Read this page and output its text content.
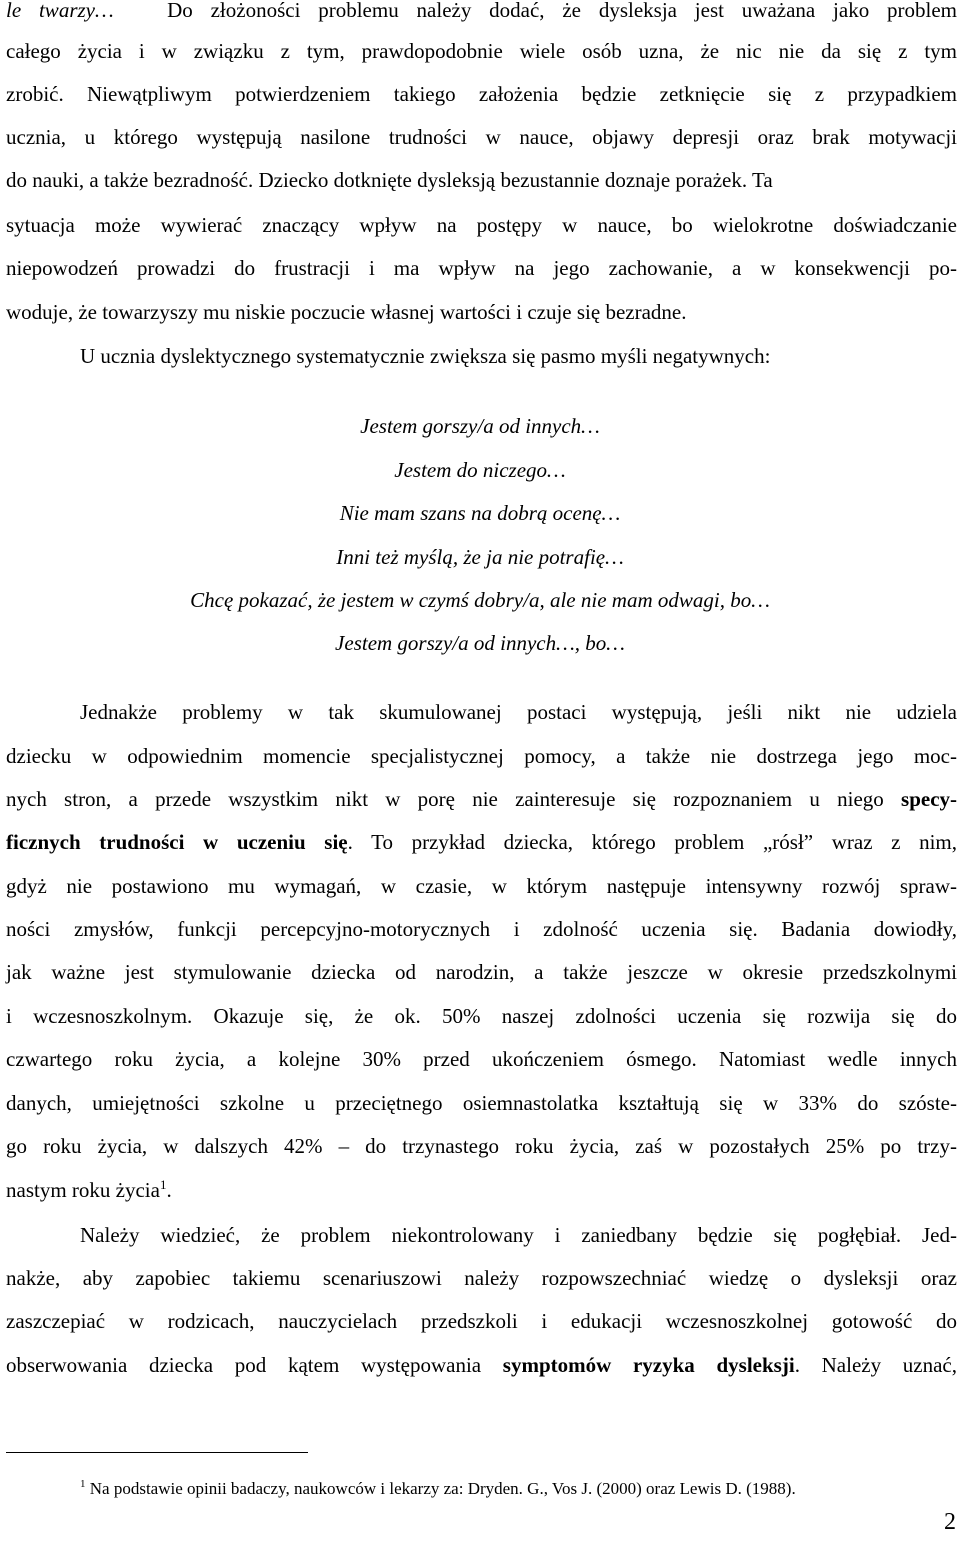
le twarzy…	Do złożoności problemu należy dodać, że dysleksja jest uważana jako problem
całego życia i w związku z tym, prawdopodobnie wiele osób uzna, że nic nie da się z tym
zrobić. Niewątpliwym potwierdzeniem takiego założenia będzie zetknięcie się z przypadkiem
ucznia, u którego występują nasilone trudności w nauce, objawy depresji oraz brak motywacji
do nauki, a także bezradność. Dziecko dotknięte dysleksją bezustannie doznaje porażek. Ta
sytuacja może wywierać znaczący wpływ na postępy w nauce, bo wielokrotne doświadczanie
niepowodzeń prowadzi do frustracji i ma wpływ na jego zachowanie, a w konsekwencji po-
woduje, że towarzyszy mu niskie poczucie własnej wartości i czuje się bezradne.
U ucznia dyslektycznego systematycznie zwiększa się pasmo myśli negatywnych:
Jestem gorszy/a od innych…
Jestem do niczego…
Nie mam szans na dobrą ocenę…
Inni też myślą, że ja nie potrafię…
Chcę pokazać, że jestem w czymś dobry/a, ale nie mam odwagi, bo…
Jestem gorszy/a od innych…, bo…
Jednakże problemy w tak skumulowanej postaci występują, jeśli nikt nie udziela
dziecku w odpowiednim momencie specjalistycznej pomocy, a także nie dostrzega jego moc-
nych stron, a przede wszystkim nikt w porę nie zainteresuje się rozpoznaniem u niego specy-
ficznych trudności w uczeniu się. To przykład dziecka, którego problem „rósł” wraz z nim,
gdyż nie postawiono mu wymagań, w czasie, w którym następuje intensywny rozwój spraw-
ności zmysłów, funkcji percepcyjno-motorycznych i zdolność uczenia się. Badania dowiodły,
jak ważne jest stymulowanie dziecka od narodzin, a także jeszcze w okresie przedszkolnymi
i wczesnoszkolnym. Okazuje się, że ok. 50% naszej zdolności uczenia się rozwija się do
czwartego roku życia, a kolejne 30% przed ukończeniem ósmego. Natomiast wedle innych
danych, umiejętności szkolne u przeciętnego osiemnastolatka kształtują się w 33% do szóste-
go roku życia, w dalszych 42% – do trzynastego roku życia, zaś w pozostałych 25% po trzy-
nastym roku życia$^1$.
Należy wiedzieć, że problem niekontrolowany i zaniedbany będzie się pogłębiał. Jed-
nakże, aby zapobiec takiemu scenariuszowi należy rozpowszechniać wiedzę o dysleksji oraz
zaszczepiać w rodzicach, nauczycielach przedszkoli i edukacji wczesnoszkolnej gotowość do
obserwowania dziecka pod kątem występowania symptomów ryzyka dysleksji. Należy uznać,
$^1$ Na podstawie opinii badaczy, naukowców i lekarzy za: Dryden. G., Vos J. (2000) oraz Lewis D. (1988).
2
